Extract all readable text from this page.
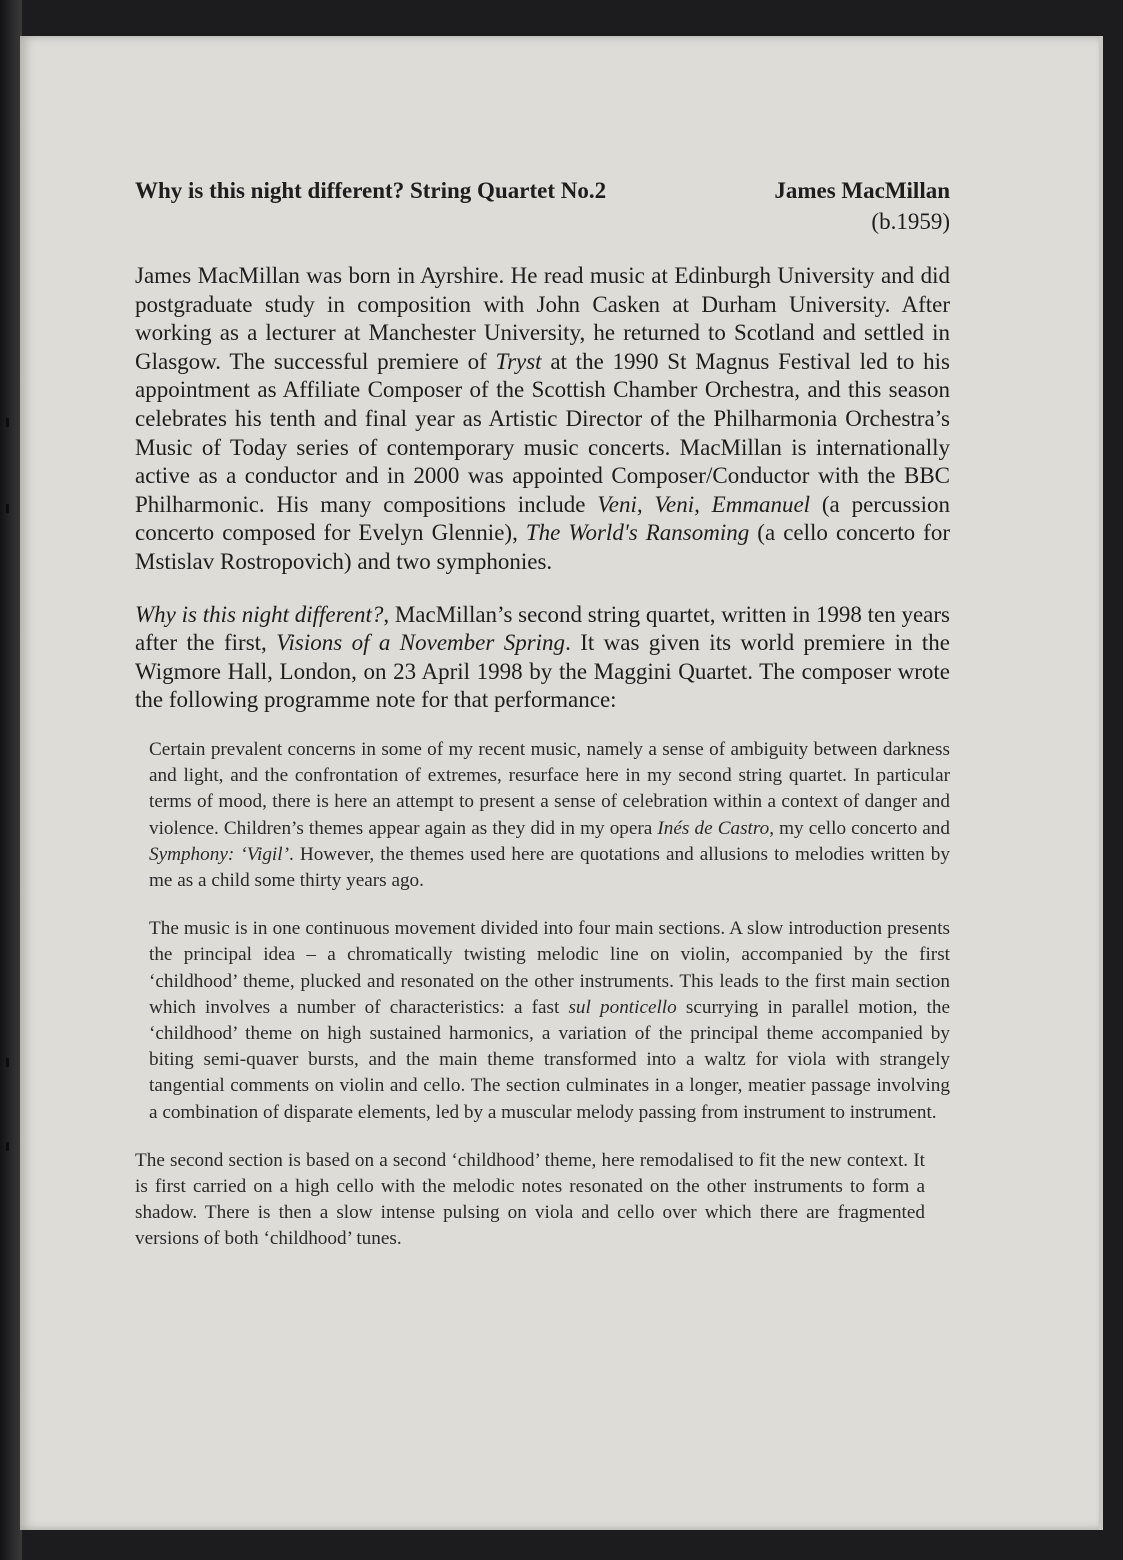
Why is this night different? String Quartet No.2	James MacMillan
(b.1959)

James MacMillan was born in Ayrshire. He read music at Edinburgh University and did postgraduate study in composition with John Casken at Durham University. After working as a lecturer at Manchester University, he returned to Scotland and settled in Glasgow. The successful premiere of Tryst at the 1990 St Magnus Festival led to his appointment as Affiliate Composer of the Scottish Chamber Orchestra, and this season celebrates his tenth and final year as Artistic Director of the Philharmonia Orchestra’s Music of Today series of contemporary music concerts. MacMillan is internationally active as a conductor and in 2000 was appointed Composer/Conductor with the BBC Philharmonic. His many compositions include Veni, Veni, Emmanuel (a percussion concerto composed for Evelyn Glennie), The World's Ransoming (a cello concerto for Mstislav Rostropovich) and two symphonies.

Why is this night different?, MacMillan’s second string quartet, written in 1998 ten years after the first, Visions of a November Spring. It was given its world premiere in the Wigmore Hall, London, on 23 April 1998 by the Maggini Quartet. The composer wrote the following programme note for that performance:

Certain prevalent concerns in some of my recent music, namely a sense of ambiguity between darkness and light, and the confrontation of extremes, resurface here in my second string quartet. In particular terms of mood, there is here an attempt to present a sense of celebration within a context of danger and violence. Children’s themes appear again as they did in my opera Inés de Castro, my cello concerto and Symphony: ‘Vigil’. However, the themes used here are quotations and allusions to melodies written by me as a child some thirty years ago.

The music is in one continuous movement divided into four main sections. A slow introduction presents the principal idea – a chromatically twisting melodic line on violin, accompanied by the first ‘childhood’ theme, plucked and resonated on the other instruments. This leads to the first main section which involves a number of characteristics: a fast sul ponticello scurrying in parallel motion, the ‘childhood’ theme on high sustained harmonics, a variation of the principal theme accompanied by biting semi-quaver bursts, and the main theme transformed into a waltz for viola with strangely tangential comments on violin and cello. The section culminates in a longer, meatier passage involving a combination of disparate elements, led by a muscular melody passing from instrument to instrument.

The second section is based on a second ‘childhood’ theme, here remodalised to fit the new context. It is first carried on a high cello with the melodic notes resonated on the other instruments to form a shadow. There is then a slow intense pulsing on viola and cello over which there are fragmented versions of both ‘childhood’ tunes.
